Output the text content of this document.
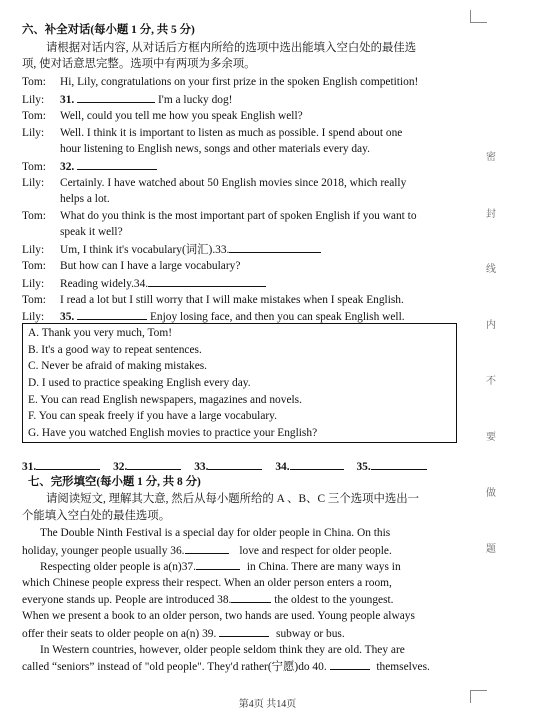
六、补全对话(每小题 1 分, 共 5 分)
请根据对话内容, 从对话后方框内所给的选项中选出能填入空白处的最佳选
项, 使对话意思完整。选项中有两项为多余项。
Tom: Hi, Lily, congratulations on your first prize in the spoken English competition!
Lily: 31.	I'm a lucky dog!
Tom: Well, could you tell me how you speak English well?
Lily: Well. I think it is important to listen as much as possible. I spend about one
hour listening to English news, songs and other materials every day.
Tom: 32.
Lily: Certainly. I have watched about 50 English movies since 2018, which really
helps a lot.
Tom: What do you think is the most important part of spoken English if you want to
speak it well?
Lily: Um, I think it's vocabulary(词汇).33.
Tom: But how can I have a large vocabulary?
Lily: Reading widely.34.
Tom: I read a lot but I still worry that I will make mistakes when I speak English.
Lily: 35.	Enjoy losing face, and then you can speak English well.
A. Thank you very much, Tom!
B. It's a good way to repeat sentences.
C. Never be afraid of making mistakes.
D. I used to practice speaking English every day.
E. You can read English newspapers, magazines and novels.
F. You can speak freely if you have a large vocabulary.
G. Have you watched English movies to practice your English?
31.	32.	33.	34.	35.
七、完形填空(每小题 1 分, 共 8 分)
请阅读短文, 理解其大意, 然后从每小题所给的 A 、B、C 三个选项中选出一
个能填入空白处的最佳选项。
The Double Ninth Festival is a special day for older people in China. On this
holiday, younger people usually 36.	love and respect for older people.
Respecting older people is a(n)37.	in China. There are many ways in
which Chinese people express their respect. When an older person enters a room,
everyone stands up. People are introduced 38.	the oldest to the youngest.
When we present a book to an older person, two hands are used. Young people always
offer their seats to older people on a(n) 39.	subway or bus.
In Western countries, however, older people seldom think they are old. They are
called “seniors” instead of "old people". They'd rather(宁愿)do 40.	themselves.
密
封
线
内
不
要
做
题
第4页 共14页
